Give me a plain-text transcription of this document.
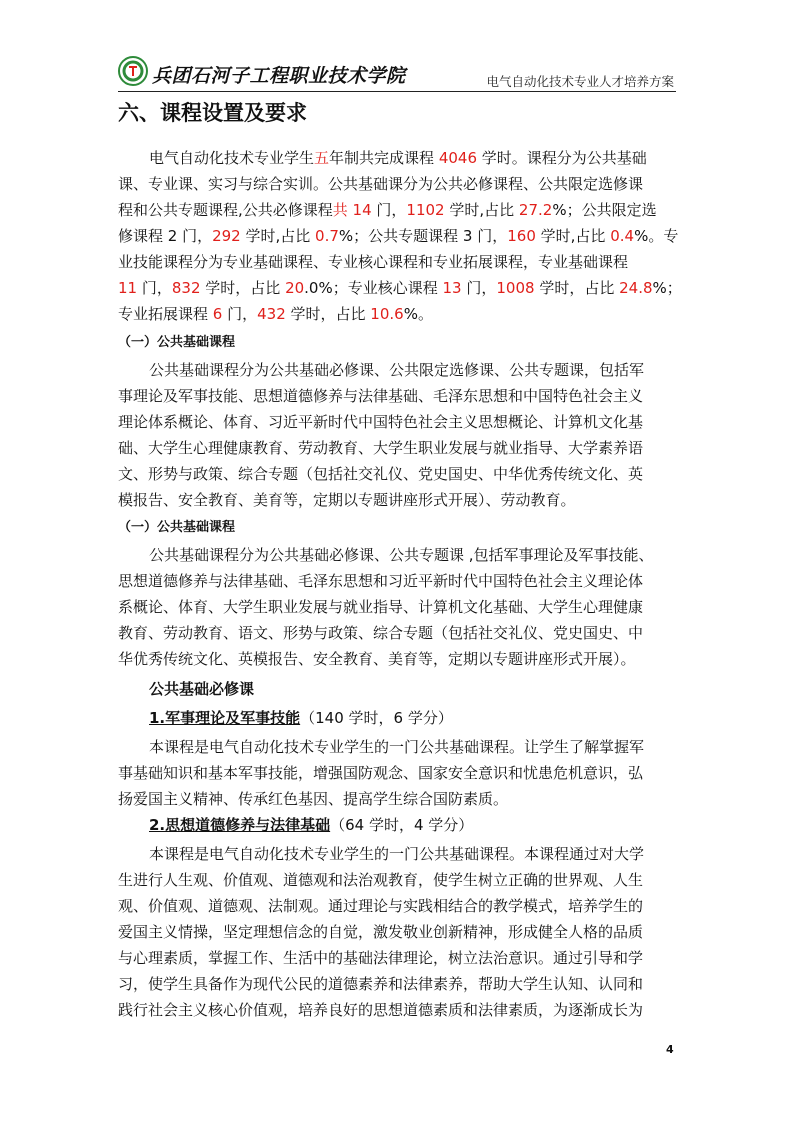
兵团石河子工程职业技术学院	电气自动化技术专业人才培养方案
六、课程设置及要求
电气自动化技术专业学生五年制共完成课程 4046 学时。课程分为公共基础
课、专业课、实习与综合实训。公共基础课分为公共必修课程、公共限定选修课
程和公共专题课程,公共必修课程共 14 门，1102 学时,占比 27.2%；公共限定选
修课程 2 门，292 学时,占比 0.7%；公共专题课程 3 门，160 学时,占比 0.4%。专
业技能课程分为专业基础课程、专业核心课程和专业拓展课程，专业基础课程
11 门，832 学时，占比 20.0%；专业核心课程 13 门，1008 学时，占比 24.8%；
专业拓展课程 6 门，432 学时，占比 10.6%。
（一）公共基础课程
公共基础课程分为公共基础必修课、公共限定选修课、公共专题课，包括军
事理论及军事技能、思想道德修养与法律基础、毛泽东思想和中国特色社会主义
理论体系概论、体育、习近平新时代中国特色社会主义思想概论、计算机文化基
础、大学生心理健康教育、劳动教育、大学生职业发展与就业指导、大学素养语
文、形势与政策、综合专题（包括社交礼仪、党史国史、中华优秀传统文化、英
模报告、安全教育、美育等，定期以专题讲座形式开展）、劳动教育。
（一）公共基础课程
公共基础课程分为公共基础必修课、公共专题课 ,包括军事理论及军事技能、
思想道德修养与法律基础、毛泽东思想和习近平新时代中国特色社会主义理论体
系概论、体育、大学生职业发展与就业指导、计算机文化基础、大学生心理健康
教育、劳动教育、语文、形势与政策、综合专题（包括社交礼仪、党史国史、中
华优秀传统文化、英模报告、安全教育、美育等，定期以专题讲座形式开展）。
公共基础必修课
1.军事理论及军事技能（140 学时，6 学分）
本课程是电气自动化技术专业学生的一门公共基础课程。让学生了解掌握军
事基础知识和基本军事技能，增强国防观念、国家安全意识和忧患危机意识，弘
扬爱国主义精神、传承红色基因、提高学生综合国防素质。
2.思想道德修养与法律基础（64 学时，4 学分）
本课程是电气自动化技术专业学生的一门公共基础课程。本课程通过对大学
生进行人生观、价值观、道德观和法治观教育，使学生树立正确的世界观、人生
观、价值观、道德观、法制观。通过理论与实践相结合的教学模式，培养学生的
爱国主义情操，坚定理想信念的自觉，激发敬业创新精神，形成健全人格的品质
与心理素质，掌握工作、生活中的基础法律理论，树立法治意识。通过引导和学
习，使学生具备作为现代公民的道德素养和法律素养，帮助大学生认知、认同和
践行社会主义核心价值观，培养良好的思想道德素质和法律素质，为逐渐成长为
4
